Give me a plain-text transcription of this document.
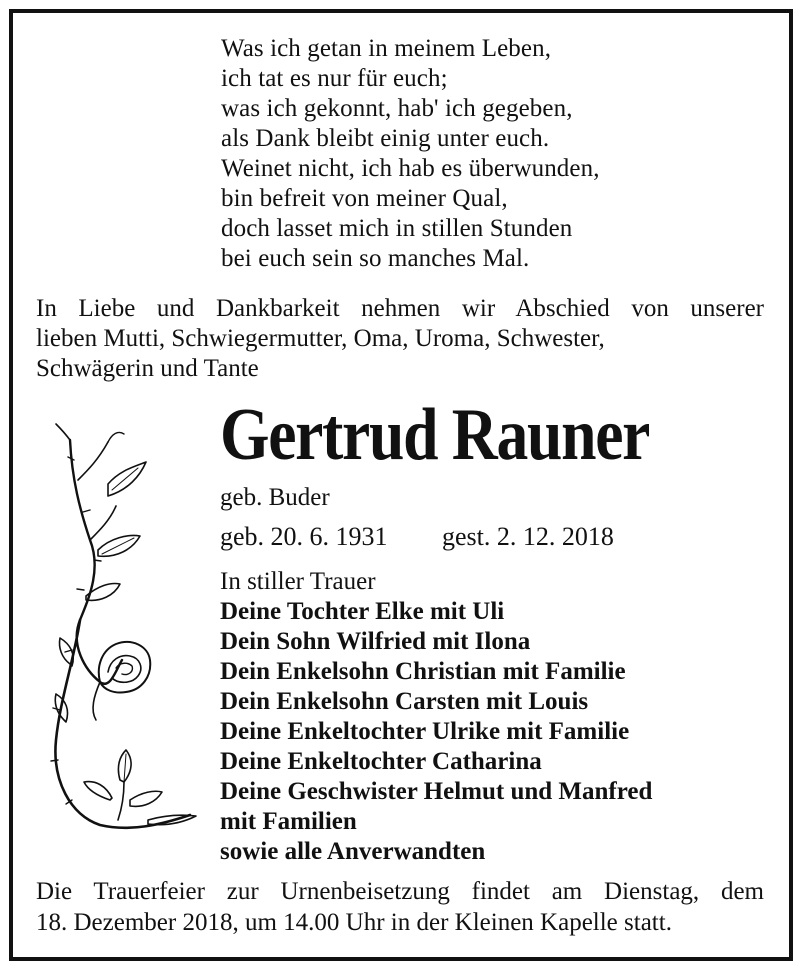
Was ich getan in meinem Leben,
ich tat es nur für euch;
was ich gekonnt, hab' ich gegeben,
als Dank bleibt einig unter euch.
Weinet nicht, ich hab es überwunden,
bin befreit von meiner Qual,
doch lasset mich in stillen Stunden
bei euch sein so manches Mal.
In Liebe und Dankbarkeit nehmen wir Abschied von unserer
lieben Mutti, Schwiegermutter, Oma, Uroma, Schwester,
Schwägerin und Tante
Gertrud Rauner
geb. Buder
geb. 20. 6. 1931 gest. 2. 12. 2018
In stiller Trauer
Deine Tochter Elke mit Uli
Dein Sohn Wilfried mit Ilona
Dein Enkelsohn Christian mit Familie
Dein Enkelsohn Carsten mit Louis
Deine Enkeltochter Ulrike mit Familie
Deine Enkeltochter Catharina
Deine Geschwister Helmut und Manfred
mit Familien
sowie alle Anverwandten
Die Trauerfeier zur Urnenbeisetzung findet am Dienstag, dem
18. Dezember 2018, um 14.00 Uhr in der Kleinen Kapelle statt.
